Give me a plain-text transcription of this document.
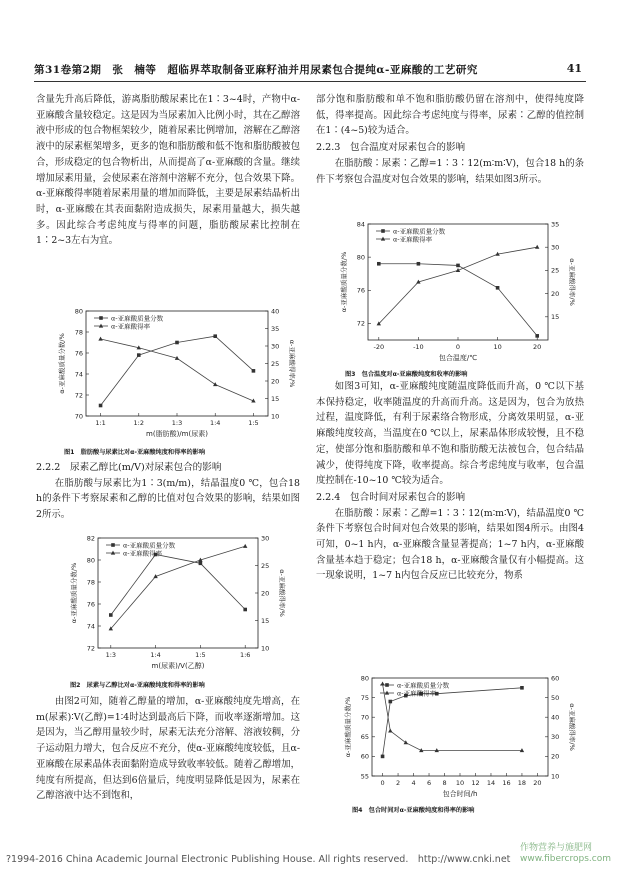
第31卷第2期　张　楠等　超临界萃取制备亚麻籽油并用尿素包合提纯α-亚麻酸的工艺研究	41

含量先升高后降低，游离脂肪酸尿素比在1∶3~4时，产物中α-亚麻酸含量较稳定。这是因为当尿素加入比例小时，其在乙醇溶液中形成的包合物框架较少，随着尿素比例增加，溶解在乙醇溶液中的尿素框架增多，更多的饱和脂肪酸和低不饱和脂肪酸被包合，形成稳定的包合物析出，从而提高了α-亚麻酸的含量。继续增加尿素用量，会使尿素在溶剂中溶解不充分，包合效果下降。α-亚麻酸得率随着尿素用量的增加而降低，主要是尿素结晶析出时，α-亚麻酸在其表面黏附造成损失，尿素用量越大，损失越多。因此综合考虑纯度与得率的问题，脂肪酸尿素比控制在1∶2~3左右为宜。

1:1	1:2	1:3	1:4	1:5
m(脂肪酸)/m(尿素)
70
72
74
76
78
80
10
15
20
25
30
35
40
α-亚麻酸质量分数/%	α-亚麻酸得率/%
α-亚麻酸质量分数
α-亚麻酸得率
图1　脂肪酸与尿素比对α-亚麻酸纯度和得率的影响
2.2.2　尿素乙醇比(m/V)对尿素包合的影响

在脂肪酸与尿素比为1∶3(m/m)，结晶温度0 ℃，包合18 h的条件下考察尿素和乙醇的比值对包合效果的影响，结果如图2所示。

1:3	1:4	1:5	1:6
m(尿素)/V(乙醇)
72
74
76
78
80
82
10
15
20
25
30
α-亚麻酸质量分数/%	α-亚麻酸得率/%
α-亚麻酸质量分数
α-亚麻酸得率
图2　尿素与乙醇比对α-亚麻酸纯度和得率的影响

由图2可知，随着乙醇量的增加，α-亚麻酸纯度先增高，在m(尿素)∶V(乙醇)=1∶4时达到最高后下降，而收率逐渐增加。这是因为，当乙醇用量较少时，尿素无法充分溶解、溶液较稠，分子运动阻力增大，包合反应不充分，使α-亚麻酸纯度较低，且α-亚麻酸在尿素晶体表面黏附造成导致收率较低。随着乙醇增加，纯度有所提高，但达到6倍量后，纯度明显降低是因为，尿素在乙醇溶液中达不到饱和，

部分饱和脂肪酸和单不饱和脂肪酸仍留在溶剂中，使得纯度降低，得率提高。因此综合考虑纯度与得率，尿素∶乙醇的值控制在1∶(4~5)较为适合。

2.2.3　包合温度对尿素包合的影响

在脂肪酸∶尿素∶乙醇=1∶3∶12(m∶m∶V)，包合18 h的条件下考察包合温度对包合效果的影响，结果如图3所示。

-20	-10	0	10	20
包合温度/℃
72
76
80
84
15
20
25
30
35
α-亚麻酸质量分数/%	α-亚麻酸得率/%
α-亚麻酸质量分数
α-亚麻酸得率
图3　包合温度对α-亚麻酸纯度和收率的影响

如图3可知，α-亚麻酸纯度随温度降低而升高，0 ℃以下基本保持稳定，收率随温度的升高而升高。这是因为，包合为放热过程，温度降低，有利于尿素络合物形成，分离效果明显，α-亚麻酸纯度较高，当温度在0 ℃以上，尿素晶体形成较慢，且不稳定，使部分饱和脂肪酸和单不饱和脂肪酸无法被包合，包合结晶减少，使得纯度下降，收率提高。综合考虑纯度与收率，包合温度控制在-10~10 ℃较为适合。

2.2.4　包合时间对尿素包合的影响

在脂肪酸∶尿素∶乙醇=1∶3∶12(m∶m∶V)，结晶温度0 ℃条件下考察包合时间对包合效果的影响，结果如图4所示。由图4可知，0~1 h内，α-亚麻酸含量显著提高；1~7 h内，α-亚麻酸含量基本趋于稳定；包合18 h，α-亚麻酸含量仅有小幅提高。这一现象说明，1~7 h内包合反应已比较充分，物系

0 2 4 6 8 10 12 14 16 18 20
包合时间/h
55
60
65
70
75
80
10
20
30
40
50
60
α-亚麻酸质量分数/%	α-亚麻酸得率/%
α-亚麻酸质量分数
α-亚麻酸得率
图4　包合时间对α-亚麻酸纯度和得率的影响
?1994-2016 China Academic Journal Electronic Publishing House. All rights reserved.　http://www.cnki.net
作物营养与施肥网
www.fibercrops.com
